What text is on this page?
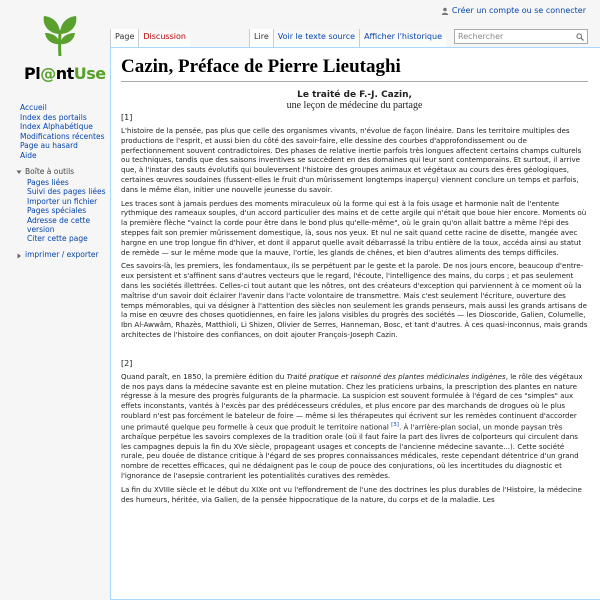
Créer un compte ou se connecter
Pl@ntUse
Page	Discussion	Lire	Voir le texte source	Afficher l'historique	Rechercher
Accueil
Index des portails
Index Alphabétique
Modifications récentes
Page au hasard
Aide
Boîte à outils
Pages liées
Suivi des pages liées
Importer un fichier
Pages spéciales
Adresse de cette version
Citer cette page
imprimer / exporter
Cazin, Préface de Pierre Lieutaghi
Le traité de F.-J. Cazin,
une leçon de médecine du partage
[1]

L'histoire de la pensée, pas plus que celle des organismes vivants, n'évolue de façon linéaire. Dans les territoire multiples des productions de l'esprit, et aussi bien du côté des savoir-faire, elle dessine des courbes d'approfondissement ou de perfectionnement souvent contradictoires. Des phases de relative inertie parfois très longues affectent certains champs culturels ou techniques, tandis que des saisons inventives se succèdent en des domaines qui leur sont contemporains. Et surtout, il arrive que, à l'instar des sauts évolutifs qui bouleversent l'histoire des groupes animaux et végétaux au cours des ères géologiques, certaines œuvres soudaines (fussent-elles le fruit d'un mûrissement longtemps inaperçu) viennent conclure un temps et parfois, dans le même élan, initier une nouvelle jeunesse du savoir.

Les traces sont à jamais perdues des moments miraculeux où la forme qui est à la fois usage et harmonie naît de l'entente rythmique des rameaux souples, d'un accord particulier des mains et de cette argile qui n'était que boue hier encore. Moments où la première flèche "vainct la corde pour être dans le bond plus qu'elle-même", où le grain qu'on allait battre a même l'épi des steppes fait son premier mûrissement domestique, là, sous nos yeux. Et nul ne sait quand cette racine de disette, mangée avec hargne en une trop longue fin d'hiver, et dont il apparut quelle avait débarrassé la tribu entière de la toux, accéda ainsi au statut de remède — sur le même mode que la mauve, l'ortie, les glands de chênes, et bien d'autres aliments des temps difficiles.

Ces savoirs-là, les premiers, les fondamentaux, ils se perpétuent par le geste et la parole. De nos jours encore, beaucoup d'entre-eux persistent et s'affinent sans d'autres vecteurs que le regard, l'écoute, l'intelligence des mains, du corps ; et pas seulement dans les sociétés illettrées. Celles-ci tout autant que les nôtres, ont des créateurs d'exception qui parviennent à ce moment où la maîtrise d'un savoir doit éclairer l'avenir dans l'acte volontaire de transmettre. Mais c'est seulement l'écriture, ouverture des temps mémorables, qui va désigner à l'attention des siècles non seulement les grands penseurs, mais aussi les grands artisans de la mise en œuvre des choses quotidiennes, en faire les jalons visibles du progrès des sociétés — les Dioscoride, Galien, Columelle, Ibn Al-Awwâm, Rhazès, Matthioli, Li Shizen, Olivier de Serres, Hanneman, Bosc, et tant d'autres. À ces quasi-inconnus, mais grands architectes de l'histoire des confiances, on doit ajouter François-Joseph Cazin.

[2]

Quand paraît, en 1850, la première édition du Traité pratique et raisonné des plantes médicinales indigènes, le rôle des végétaux de nos pays dans la médecine savante est en pleine mutation. Chez les praticiens urbains, la prescription des plantes en nature régresse à la mesure des progrès fulgurants de la pharmacie. La suspicion est souvent formulée à l'égard de ces "simples" aux effets inconstants, vantés à l'excès par des prédécesseurs crédules, et plus encore par des marchands de drogues où le plus roublard n'est pas forcément le bateleur de foire — même si les thérapeutes qui écrivent sur les remèdes continuent d'accorder une primauté quelque peu formelle à ceux que produit le territoire national [3]. À l'arrière-plan social, un monde paysan très archaïque perpétue les savoirs complexes de la tradition orale (où il faut faire la part des livres de colporteurs qui circulent dans les campagnes depuis la fin du XVe siècle, propageant usages et concepts de l'ancienne médecine savante...). Cette société rurale, peu douée de distance critique à l'égard de ses propres connaissances médicales, reste cependant détentrice d'un grand nombre de recettes efficaces, qui ne dédaignent pas le coup de pouce des conjurations, où les incertitudes du diagnostic et l'ignorance de l'asepsie contrarient les potentialités curatives des remèdes.

La fin du XVIIIe siècle et le début du XIXe ont vu l'effondrement de l'une des doctrines les plus durables de l'Histoire, la médecine des humeurs, héritée, via Galien, de la pensée hippocratique de la nature, du corps et de la maladie. Les
